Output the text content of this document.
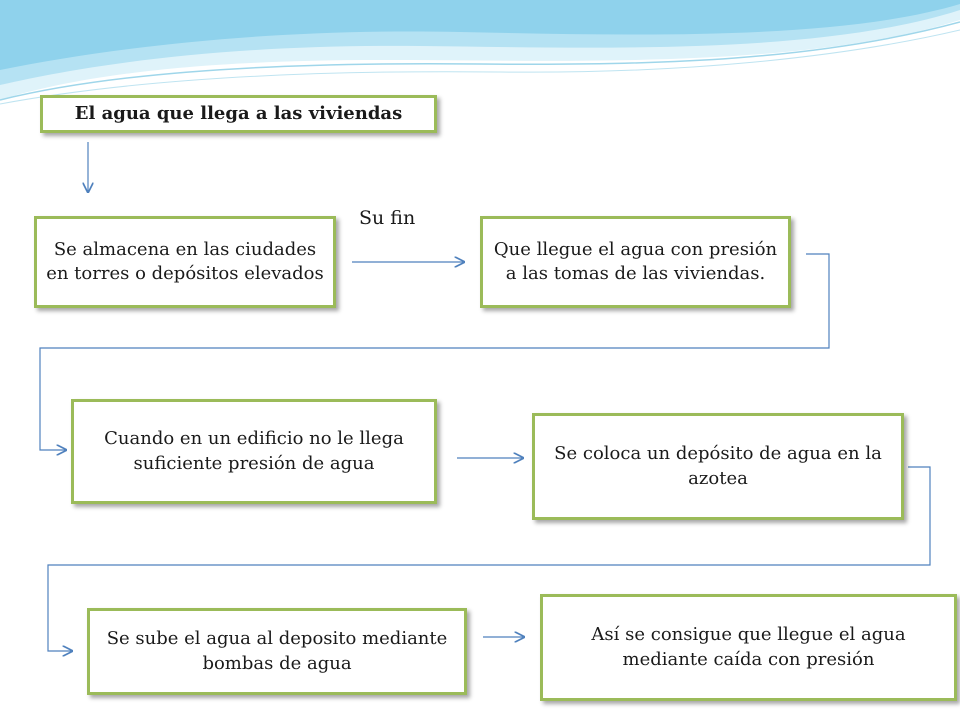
El agua que llega a las viviendas
Su fin
Se almacena en las ciudades en torres o depósitos elevados
Que llegue el agua con presión a las tomas de las viviendas.
Cuando en un edificio no le llega suficiente presión de agua	Se coloca un depósito de agua en la azotea
Se sube el agua al deposito mediante bombas de agua
Así se consigue que llegue el agua mediante caída con presión
